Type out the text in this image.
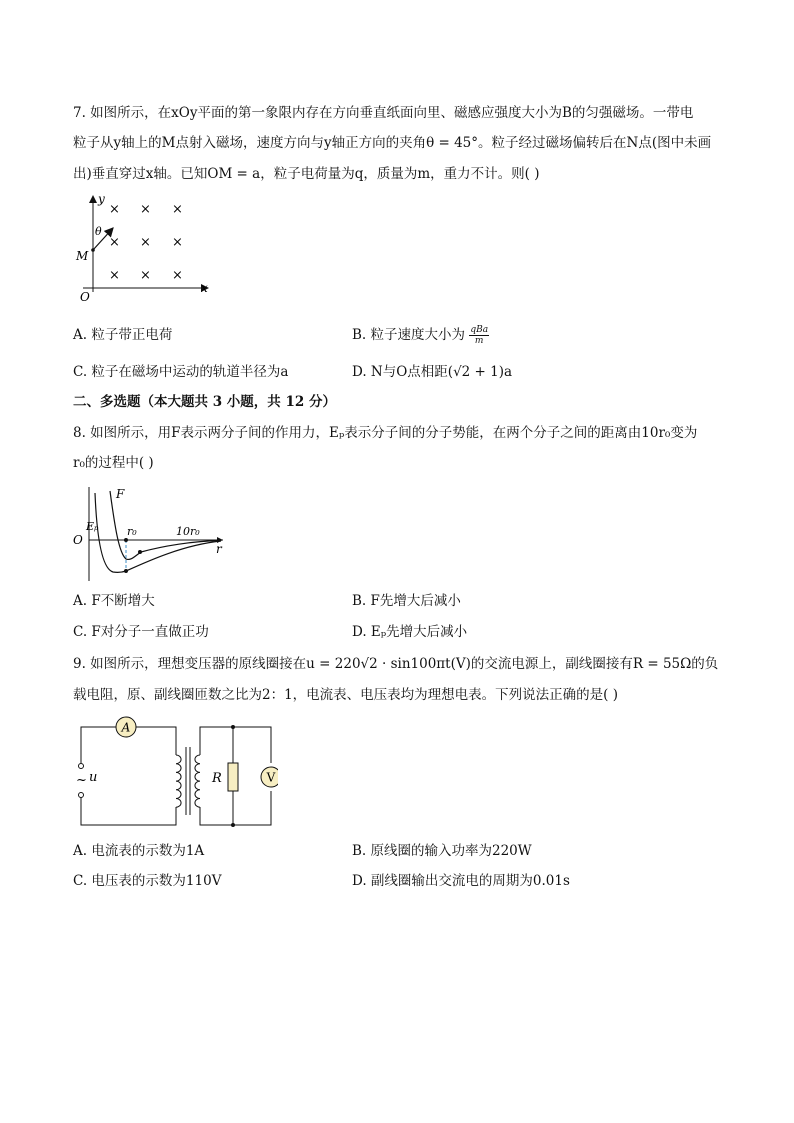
7. 如图所示，在xOy平面的第一象限内存在方向垂直纸面向里、磁感应强度大小为B的匀强磁场。一带电
粒子从y轴上的M点射入磁场，速度方向与y轴正方向的夹角θ = 45°。粒子经过磁场偏转后在N点(图中未画
出)垂直穿过x轴。已知OM = a，粒子电荷量为q，质量为m，重力不计。则( )
y
x
O
M
θ
× × ×
× × ×
× × ×
A. 粒子带正电荷	B. 粒子速度大小为 qBa
m
C. 粒子在磁场中运动的轨道半径为a	D. N与O点相距(√2 + 1)a
二、多选题（本大题共 3 小题，共 12 分）
8. 如图所示，用F表示两分子间的作用力，Eₚ表示分子间的分子势能，在两个分子之间的距离由10r₀变为
r₀的过程中( )
F
Eₚ	r₀	10r₀
O
r
A. F不断增大	B. F先增大后减小
C. F对分子一直做正功	D. Eₚ先增大后减小
9. 如图所示，理想变压器的原线圈接在u = 220√2 · sin100πt(V)的交流电源上，副线圈接有R = 55Ω的负
载电阻，原、副线圈匝数之比为2：1，电流表、电压表均为理想电表。下列说法正确的是( )
A
~ u	R	V
A. 电流表的示数为1A	B. 原线圈的输入功率为220W
C. 电压表的示数为110V	D. 副线圈输出交流电的周期为0.01s
